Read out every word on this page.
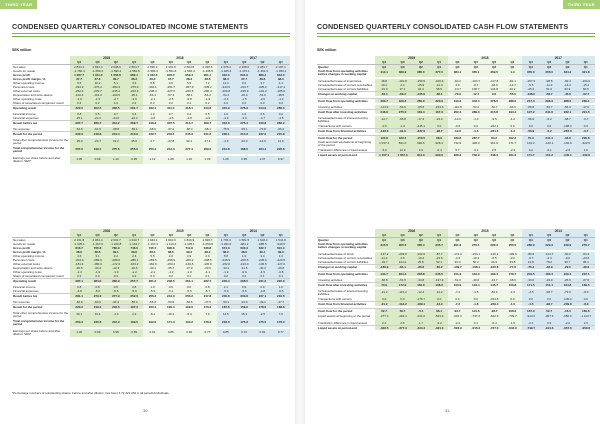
THIRD YEAR
CONDENSED QUARTERLY CONSOLIDATED INCOME STATEMENTS
SEK million
	2019				2018				2017			
	Q4	Q3	Q2	Q1	Q4	Q3	Q2	Q1	Q4	Q3	Q2	Q1
Net sales	2 834.1	2 691.4	2 648.9	2 564.7	2 596.4	2 491.6	2 504.8	2 336.6	2 375.4	2 208.0	2 281.7	2 197.1
Goods for resale	-1 766.4	-1 680.4	-1 596.1	-1 582.6	-1 584.4	-1 551.6	-1 545.4	-1 435.5	-1 465.4	-1 376.1	-1 401.3	-1 363.1
Gross profit	1 067.7	1 011.0	1 052.8	982.1	1 012.0	940.0	959.4	901.1	910.0	831.9	880.4	834.0
Gross profit margin, %	37.7	37.6	39.7	38.3	39.0	37.7	38.3	38.6	38.3	37.7	38.6	38.0
Other operating income	6.5	10.2	5.1	3.9	5.8	9.6	5.9	7.2	11.4	6.6	3.7	4.1
Personnel costs	-394.9	-376.4	-383.3	-375.0	-394.1	-351.7	-367.9	-339.2	-344.5	-313.7	-325.2	-317.4
Other external costs	-252.4	-239.7	-235.2	-220.9	-238.4	-227.0	-220.5	-200.4	-204.8	-195.9	-191.2	-185.0
Depreciation and write-downs	-102.4	-101.3	-100.5	-95.1	-61.4	-57.3	-58.1	-54.2	-54.1	-49.4	-51.0	-48.5
Other operating costs	-2.9	-1.5	-2.7	-3.6	-2.1	-2.5	-0.8	-1.9	-2.4	-1.5	-2.0	-1.2
Share of associated companies' result	0.4	0.2	0.3	0.3	0.3	0.2	0.1	0.2	0.3	0.3	0.3	0.3
Operating result	322.0	302.5	336.5	291.7	322.1	311.3	318.1	313.8	315.9	278.3	314.9	286.3

Financial income	0.8	0.5	0.7	0.4	1.0	0.7	0.4	0.5	1.0	1.0	0.6	0.4
Financial expenses	-25.1	-22.3	-24.0	-22.4	-4.8	-4.5	-4.8	-4.6	-4.9	-3.9	-4.7	-4.5
Result before tax	297.7	280.7	313.2	269.7	318.3	307.5	313.7	309.7	312.0	275.4	310.8	282.2

Tax expense	-64.8	-61.9	-68.8	-59.1	-68.6	-67.4	-68.4	-68.1	-75.9	-65.1	-73.8	-66.4
Result for the period	232.9	218.8	244.4	210.6	249.7	240.1	245.3	241.6	236.1	210.3	237.0	215.8

Total other comprehensive income for the period	-25.3	-20.7	31.2	45.0	0.7	-27.8	32.1	27.4	-4.3	-22.3	-12.6	11.0
Total comprehensive income for the period	207.6	198.1	275.6	255.6	250.4	212.3	277.4	269.0	231.8	188.0	224.4	226.8

Earnings per share before and after dilution, SEK*	1.05	0.99	1.10	0.95	1.12	1.08	1.10	1.09	1.06	0.95	1.07	0.97
	2016				2015				2014			
	Q4	Q3	Q2	Q1	Q4	Q3	Q2	Q1	Q4	Q3	Q2	Q1
Net sales	2 151.8	2 063.4	2 003.7	1 910.7	1 943.1	1 810.0	1 816.9	1 699.7	1 765.3	1 581.5	1 618.2	1 541.9
Goods for resale	-1 335.1	-1 267.6	-1 220.8	-1 164.7	-1 197.4	-1 113.4	-1 105.1	-1 050.9	-1 091.0	-981.2	-985.5	-940.5
Gross profit	816.7	795.8	782.9	746.0	745.7	696.6	711.8	648.8	674.3	600.3	632.7	601.4
Gross profit margin, %	38.0	38.6	39.1	39.0	38.4	38.5	39.2	38.2	38.2	38.0	39.1	39.0
Other operating income	4.6	3.1	4.2	2.6	5.5	2.0	3.9	2.6	5.8	1.9	3.4	1.6
Personnel costs	-304.9	-289.6	-289.0	-286.1	-283.5	-259.9	-266.2	-248.5	-246.9	-228.5	-236.9	-223.5
Other external costs	-181.4	-180.3	-172.3	-163.2	-164.6	-153.4	-149.6	-145.0	-152.0	-133.0	-136.5	-127.0
Depreciation and write-downs	-46.8	-43.4	-42.3	-40.6	-40.1	-35.7	-37.9	-33.6	-34.1	-31.5	-30.3	-29.8
Other operating costs	-1.3	-1.9	-1.0	-1.2	-2.1	-1.3	-1.0	-1.1	-1.9	-0.9	-1.5	-0.8
Share of associated companies' result	0.2	0.3	0.4	0.2	0.3	0.2	0.1	0.1	0.2	0.2	0.1	0.1
Operating result	287.1	284.0	282.9	257.7	261.2	248.5	261.1	222.7	245.4	208.5	231.0	222.0

Financial income	0.8	0.8	0.6	0.8	1.0	0.6	0.6	0.8	1.1	0.9	0.9	1.0
Financial expenses	-6.8	-5.6	-5.6	-5.9	-5.9	-5.1	-5.5	-5.7	-5.9	-5.6	-4.8	-6.5
Result before tax	281.1	279.2	277.9	252.6	256.3	244.0	256.2	217.8	240.6	203.8	227.1	216.5

Tax expense	-60.9	-60.0	-61.6	-55.4	-56.2	-53.6	-56.6	-47.5	-53.1	-43.9	-49.1	-47.7
Result for the period	220.2	219.2	216.3	197.2	200.1	190.4	199.6	170.3	187.5	159.9	178.0	168.8

Total other comprehensive income for the period	30.1	16.4	-4.3	2.3	-8.1	-19.1	-5.4	7.9	14.5	15.4	-2.5	7.6
Total comprehensive income for the period	250.3	235.6	212.0	199.5	192.0	171.3	194.2	178.2	202.0	175.3	175.5	176.4

Earnings per share before and after dilution, SEK*	1.00	0.99	0.98	0.89	0.91	0.86	0.90	0.77	0.85	0.72	0.81	0.77
*Percentage numbers of outstanding shares, before and after dilution, has been 6 72 423 264 in all periods/individuals
30
THIRD YEAR
CONDENSED QUARTERLY CONSOLIDATED CASH FLOW STATEMENTS
SEK million
	2019				2018				2017			
	Q4	Q3	Q2	Q1	Q4	Q3	Q2	Q1	Q4	Q3	Q2	Q1
Quarter	Q4	Q3	Q2	Q1	Q4	Q3	Q2	Q1	Q4	Q3	Q2	Q1
Cash flow from operating activities before changes in working capital	414.1	389.9	385.0	377.0	384.1	355.1	369.5	1.4	355.0	355.0	334.3	321.8

Increase/decrease of inventories	18.8	-101.8	-153.5	-100.6	-64.2	-104.7	-117.8	-81.1	-107.3	-98.5	-92.4	-104.0
Increase/decrease of current receivables	19.1	4.4	-25.9	-12.0	4.0	-8.7	-18.0	-14.7	-5.5	-11.2	-16.3	-15.2
Increase/decrease of current liabilities	-91.3	37.1	44.4	56.5	-10.7	100.7	144.8	40.2	-25.2	51.0	62.9	66.5
Changes in working capital	-53.4	-60.3	-135.0	-56.1	-70.9	-12.7	9.0	-55.6	-138.0	-58.7	-45.8	-52.7

Cash flow from operating activities	360.7	329.6	250.0	320.9	313.2	342.4	378.5	288.0	217.0	296.3	288.5	269.1

Investing activities	-113.9	-54.6	-65.6	-153.6	-110.8	-53.4	-62.7	-94.6	-89.8	-54.7	-56.4	-47.6
Cash flow after investing activities	246.8	275.0	184.4	167.3	202.4	289.0	315.8	193.4	127.2	241.6	232.1	221.5

Increase/decrease of interest-bearing liabilities	-12.7	-65.8	-17.3	-24.4	-12.0	-1.3	-9.5	-1.2	-56.9	-0.2	-68.7	-0.7
Transactions with owners	-0.6	-1.0	-245.1	0.0	-0.6	0.0	-222.1	0.0	0.0	0.0	-198.3	0.0
Cash flow from financial activities	-122.0	-91.6	-337.9	-98.7	-12.6	-1.3	-231.6	-1.2	-56.9	-0.2	-267.0	-0.7

Cash flow for the period	124.8	183.4	-153.5	68.6	189.8	287.7	84.2	192.2	70.3	241.4	-34.9	220.8
Cash and cash equivalents at beginning of the period	1 037.3	841.0	990.6	928.4	732.9	448.3	361.6	171.7	101.2	-140.1	-102.6	-322.5
Translation difference in liquid assets	-5.0	12.9	3.9	-6.4	5.7	-3.1	2.5	-2.3	0.2	-0.1	-2.6	1.6
Liquid assets at period-end	1 157.1	1 037.3	841.0	990.6	928.4	732.9	448.3	361.6	171.7	101.2	-140.1	-102.6
	2016				2015				2014			
	Q4	Q3	Q2	Q1	Q4	Q3	Q2	Q1	Q4	Q3	Q2	Q1
Quarter	Q4	Q3	Q2	Q1	Q4	Q3	Q2	Q1	Q4	Q3	Q2	Q1
Cash flow from operating activities before changes in working capital	315.6	305.5	305.4	305.7	291.6	272.1	290.2	256.5	280.9	229.3	249.9	276.7

Increase/decrease of stock	-137.2	-209.6	-102.0	-87.7	-171.4	-154.1	-136.2	-109.6	-80.5	-124.7	-60.2	-54.4
Increase/decrease of current receivables	-11.3	4.6	-10.4	-24.6	-4.3	-10.3	-6.5	-2.0	-9.7	-2.4	-9.0	-23.6
Increase/decrease of current liabilities	-33.7	124.2	25.8	52.1	36.0	56.3	41.9	33.8	13.8	78.2	39.7	38.4
Changes in working capital	-180.9	-81.1	-86.6	-60.2	-139.7	-108.1	-100.8	-77.8	-76.4	-48.9	-29.5	-39.6

Cash flow from operating activities	134.7	224.4	218.8	245.5	151.9	164.0	189.4	178.7	204.5	180.4	220.4	237.1

Investing activities	-60.8	-51.5	-34.8	-137.2	-51.0	-40.6	-43.7	-68.9	-33.0	-29.0	-25.6	-67.6
Cash flow after investing activities	73.9	172.9	184.0	108.3	100.9	123.4	145.7	109.8	171.5	151.4	194.8	169.5

Increase/decrease of interest-bearing liabilities	-21.2	-113.2	-12.4	-12.2	-7.2	-1.8	-84.6	-1.5	-4.5	-98.7	-73.9	-8.9
Transactions with owners	0.0	0.0	-176.7	0.0	0.0	0.0	-154.8	0.0	0.0	0.0	-135.9	0.0
Cash flow from financial activities	-21.2	-113.2	-189.1	-12.2	-7.2	-1.8	-239.4	-1.5	-4.5	-98.7	-209.8	-8.9

Cash flow for the period	52.7	59.7	-5.1	96.1	93.7	121.6	-93.7	108.3	167.0	52.7	-15.0	160.6
Liquid assets at beginning of the period	-377.3	-434.4	-431.0	-523.9	-615.3	-737.0	-642.9	-749.7	-914.6	-967.6	-950.6	-1 113.7
Translation difference in liquid assets	2.1	2.6	1.7	-3.2	-2.3	0.1	-0.4	-1.5	-2.1	0.3	-2.0	2.5
Liquid assets at period-end	-322.5	-377.3	-434.4	-431.0	-523.9	-615.3	-737.0	-642.9	-749.7	-914.6	-967.6	-950.6
31
